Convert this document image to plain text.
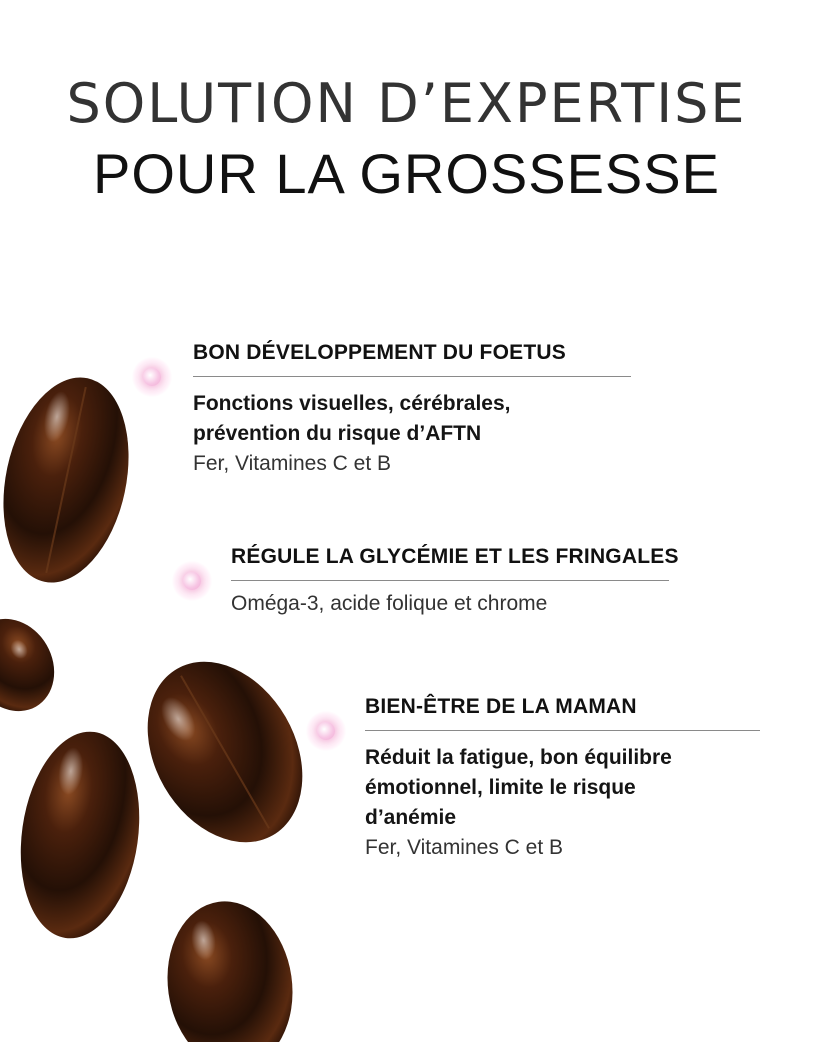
SOLUTION D’EXPERTISE
POUR LA GROSSESSE
BON DÉVELOPPEMENT DU FOETUS
Fonctions visuelles, cérébrales,
prévention du risque d’AFTN
Fer, Vitamines C et B
RÉGULE LA GLYCÉMIE ET LES FRINGALES
Oméga-3, acide folique et chrome
BIEN-ÊTRE DE LA MAMAN
Réduit la fatigue, bon équilibre
émotionnel, limite le risque
d’anémie
Fer, Vitamines C et B
